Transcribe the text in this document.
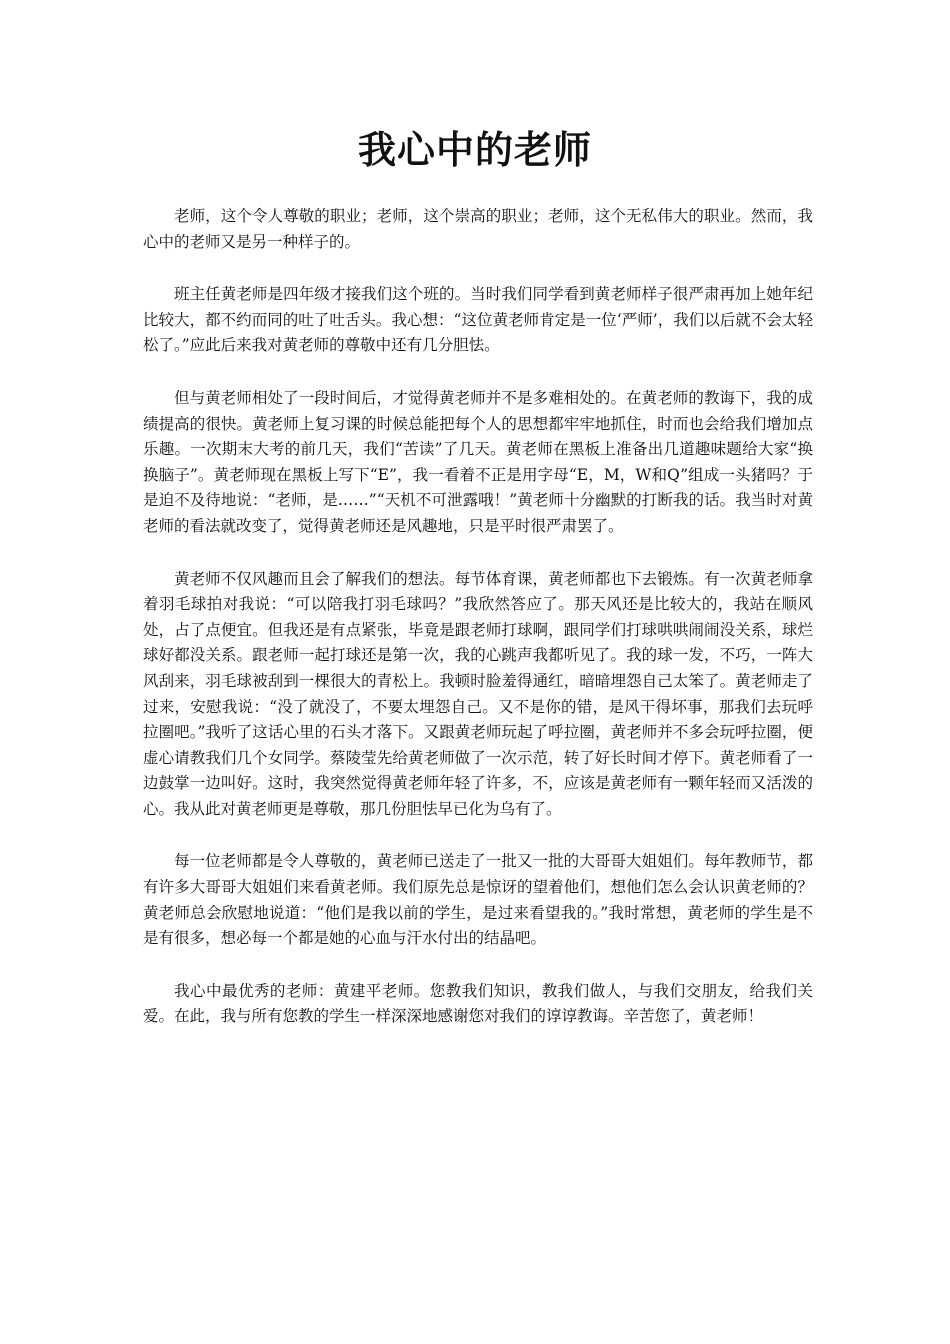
我心中的老师

老师，这个令人尊敬的职业；老师，这个崇高的职业；老师，这个无私伟大的职业。然而，我心中的老师又是另一种样子的。

班主任黄老师是四年级才接我们这个班的。当时我们同学看到黄老师样子很严肃再加上她年纪比较大，都不约而同的吐了吐舌头。我心想：“这位黄老师肯定是一位‘严师’，我们以后就不会太轻松了。”应此后来我对黄老师的尊敬中还有几分胆怯。

但与黄老师相处了一段时间后，才觉得黄老师并不是多难相处的。在黄老师的教诲下，我的成绩提高的很快。黄老师上复习课的时候总能把每个人的思想都牢牢地抓住，时而也会给我们增加点乐趣。一次期末大考的前几天，我们“苦读”了几天。黄老师在黑板上准备出几道趣味题给大家“换换脑子”。黄老师现在黑板上写下“E”，我一看着不正是用字母“E，M，W和Q”组成一头猪吗？于是迫不及待地说：“老师，是……”“天机不可泄露哦！”黄老师十分幽默的打断我的话。我当时对黄老师的看法就改变了，觉得黄老师还是风趣地，只是平时很严肃罢了。

黄老师不仅风趣而且会了解我们的想法。每节体育课，黄老师都也下去锻炼。有一次黄老师拿着羽毛球拍对我说：“可以陪我打羽毛球吗？”我欣然答应了。那天风还是比较大的，我站在顺风处，占了点便宜。但我还是有点紧张，毕竟是跟老师打球啊，跟同学们打球哄哄闹闹没关系，球烂球好都没关系。跟老师一起打球还是第一次，我的心跳声我都听见了。我的球一发，不巧，一阵大风刮来，羽毛球被刮到一棵很大的青松上。我顿时脸羞得通红，暗暗埋怨自己太笨了。黄老师走了过来，安慰我说：“没了就没了，不要太埋怨自己。又不是你的错，是风干得坏事，那我们去玩呼拉圈吧。”我听了这话心里的石头才落下。又跟黄老师玩起了呼拉圈，黄老师并不多会玩呼拉圈，便虚心请教我们几个女同学。蔡陵莹先给黄老师做了一次示范，转了好长时间才停下。黄老师看了一边鼓掌一边叫好。这时，我突然觉得黄老师年轻了许多，不，应该是黄老师有一颗年轻而又活泼的心。我从此对黄老师更是尊敬，那几份胆怯早已化为乌有了。

每一位老师都是令人尊敬的，黄老师已送走了一批又一批的大哥哥大姐姐们。每年教师节，都有许多大哥哥大姐姐们来看黄老师。我们原先总是惊讶的望着他们，想他们怎么会认识黄老师的？黄老师总会欣慰地说道：“他们是我以前的学生，是过来看望我的。”我时常想，黄老师的学生是不是有很多，想必每一个都是她的心血与汗水付出的结晶吧。

我心中最优秀的老师：黄建平老师。您教我们知识，教我们做人，与我们交朋友，给我们关爱。在此，我与所有您教的学生一样深深地感谢您对我们的谆谆教诲。辛苦您了，黄老师！
